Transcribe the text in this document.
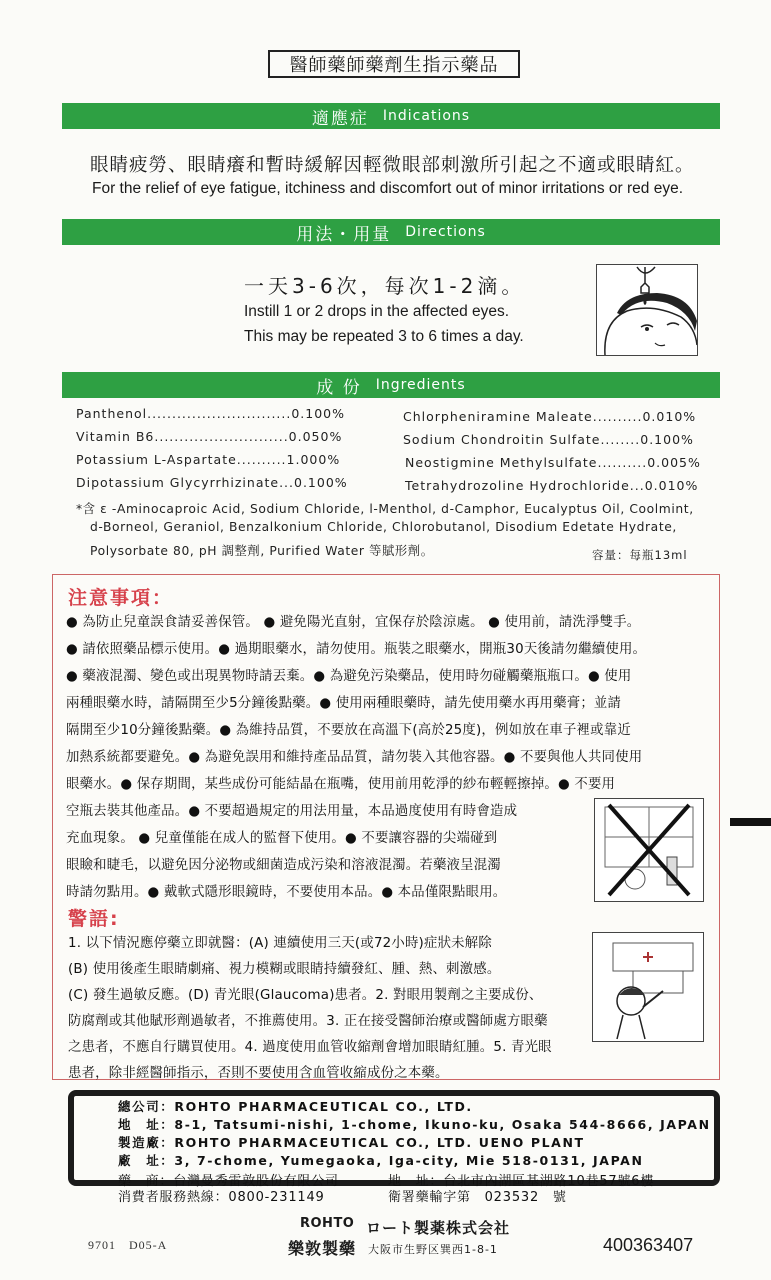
醫師藥師藥劑生指示藥品
適應症 Indications
眼睛疲勞、眼睛癢和暫時緩解因輕微眼部刺激所引起之不適或眼睛紅。
For the relief of eye fatigue, itchiness and discomfort out of minor irritations or red eye.
用法・用量 Directions
一天3-6次，每次1-2滴。
Instill 1 or 2 drops in the affected eyes.
This may be repeated 3 to 6 times a day.
成 份 Ingredients
Panthenol.............................0.100%
Vitamin B6...........................0.050%
Potassium L-Aspartate..........1.000%
Dipotassium Glycyrrhizinate...0.100%
Chlorpheniramine Maleate..........0.010%
Sodium Chondroitin Sulfate........0.100%
Neostigmine Methylsulfate..........0.005%
Tetrahydrozoline Hydrochloride...0.010%
*含 ε -Aminocaproic Acid, Sodium Chloride, l-Menthol, d-Camphor, Eucalyptus Oil, Coolmint,
d-Borneol, Geraniol, Benzalkonium Chloride, Chlorobutanol, Disodium Edetate Hydrate,
Polysorbate 80, pH 調整劑, Purified Water 等賦形劑。	容量：每瓶13ml
注意事項：
● 為防止兒童誤食請妥善保管。 ● 避免陽光直射，宜保存於陰涼處。 ● 使用前，請洗淨雙手。
● 請依照藥品標示使用。● 過期眼藥水，請勿使用。瓶裝之眼藥水，開瓶30天後請勿繼續使用。
● 藥液混濁、變色或出現異物時請丟棄。● 為避免污染藥品，使用時勿碰觸藥瓶瓶口。● 使用
兩種眼藥水時，請隔開至少5分鐘後點藥。● 使用兩種眼藥時，請先使用藥水再用藥膏；並請
隔開至少10分鐘後點藥。● 為維持品質，不要放在高溫下(高於25度)，例如放在車子裡或靠近
加熱系統都要避免。● 為避免誤用和維持產品品質，請勿裝入其他容器。● 不要與他人共同使用
眼藥水。● 保存期間，某些成份可能結晶在瓶嘴，使用前用乾淨的紗布輕輕擦掉。● 不要用
空瓶去裝其他產品。● 不要超過規定的用法用量，本品過度使用有時會造成
充血現象。 ● 兒童僅能在成人的監督下使用。● 不要讓容器的尖端碰到
眼瞼和睫毛，以避免因分泌物或細菌造成污染和溶液混濁。若藥液呈混濁
時請勿點用。● 戴軟式隱形眼鏡時，不要使用本品。● 本品僅限點眼用。
警語:
1. 以下情況應停藥立即就醫：(A) 連續使用三天(或72小時)症狀未解除
(B) 使用後產生眼睛劇痛、視力模糊或眼睛持續發紅、腫、熱、刺激感。
(C) 發生過敏反應。(D) 青光眼(Glaucoma)患者。2. 對眼用製劑之主要成份、
防腐劑或其他賦形劑過敏者，不推薦使用。3. 正在接受醫師治療或醫師處方眼藥
之患者，不應自行購買使用。4. 過度使用血管收縮劑會增加眼睛紅腫。5. 青光眼
患者，除非經醫師指示，否則不要使用含血管收縮成份之本藥。
總公司：ROHTO PHARMACEUTICAL CO., LTD.
地　址：8-1, Tatsumi-nishi, 1-chome, Ikuno-ku, Osaka 544-8666, JAPAN
製造廠：ROHTO PHARMACEUTICAL CO., LTD. UENO PLANT
廠　址：3, 7-chome, Yumegaoka, Iga-city, Mie 518-0131, JAPAN
藥　商：台灣曼秀雷敦股份有限公司	地　址：台北市內湖區基湖路10巷57號6樓
消費者服務熱線：0800-231149	衛署藥輸字第　023532　號
9701　D05-A
ROHTO
樂敦製藥
ロート製薬株式会社
大阪市生野区巽西1-8-1	400363407
